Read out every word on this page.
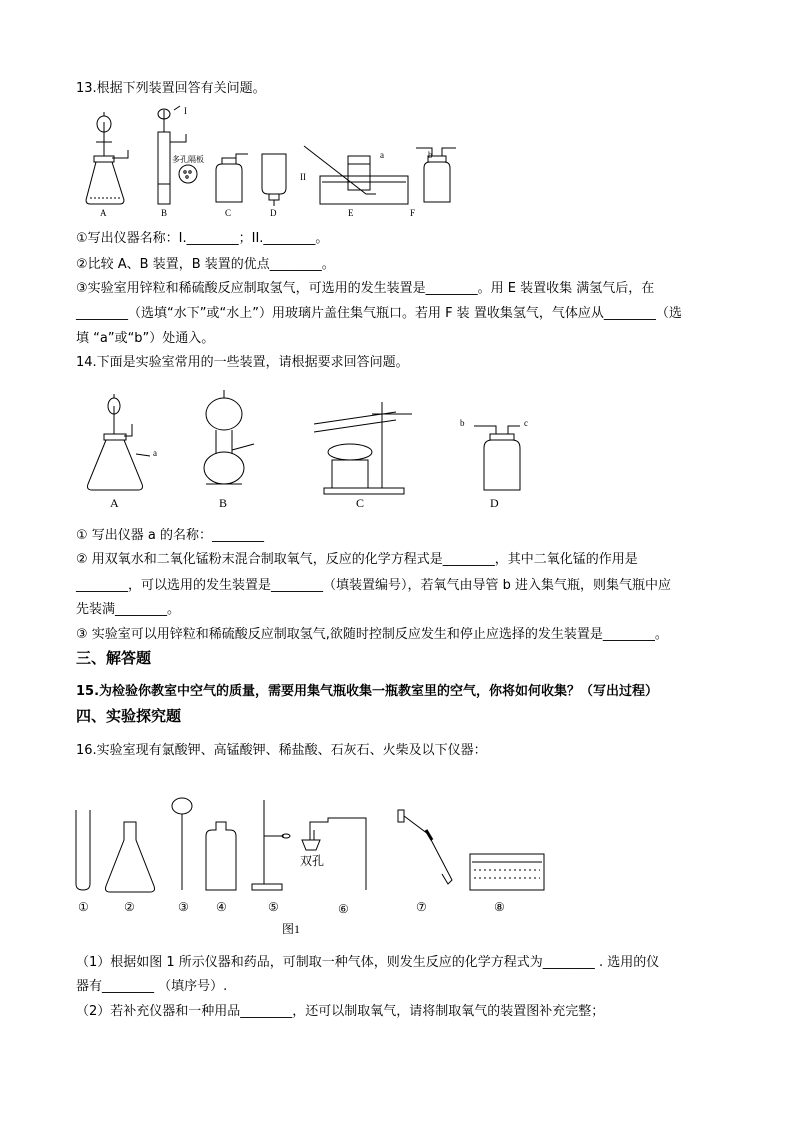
13.根据下列装置回答有关问题。
A	B	C	D	E	F
I
II
多孔隔板	a	b
①写出仪器名称：I.________；II.________。
②比较 A、B 装置，B 装置的优点________。
③实验室用锌粒和稀硫酸反应制取氢气，可选用的发生装置是________。用 E 装置收集 满氢气后，在
________（选填“水下”或“水上”）用玻璃片盖住集气瓶口。若用 F 装 置收集氢气，气体应从________（选
填 “a”或“b”）处通入。
14.下面是实验室常用的一些装置，请根据要求回答问题。
A	B	C	D
a
b	c
① 写出仪器 a 的名称：________
② 用双氧水和二氧化锰粉末混合制取氧气，反应的化学方程式是________，其中二氧化锰的作用是
________，可以选用的发生装置是________（填装置编号），若氧气由导管 b 进入集气瓶，则集气瓶中应
先装满________。
③ 实验室可以用锌粒和稀硫酸反应制取氢气,欲随时控制反应发生和停止应选择的发生装置是________。
三、解答题
15.为检验你教室中空气的质量，需要用集气瓶收集一瓶教室里的空气，你将如何收集？（写出过程）
四、实验探究题
16.实验室现有氯酸钾、高锰酸钾、稀盐酸、石灰石、火柴及以下仪器：
①	②	③ ④	⑤	⑥	⑦	⑧
双孔
图1
（1）根据如图 1 所示仪器和药品，可制取一种气体，则发生反应的化学方程式为________ . 选用的仪
器有________ （填序号）.
（2）若补充仪器和一种用品________，还可以制取氧气，请将制取氧气的装置图补充完整；
